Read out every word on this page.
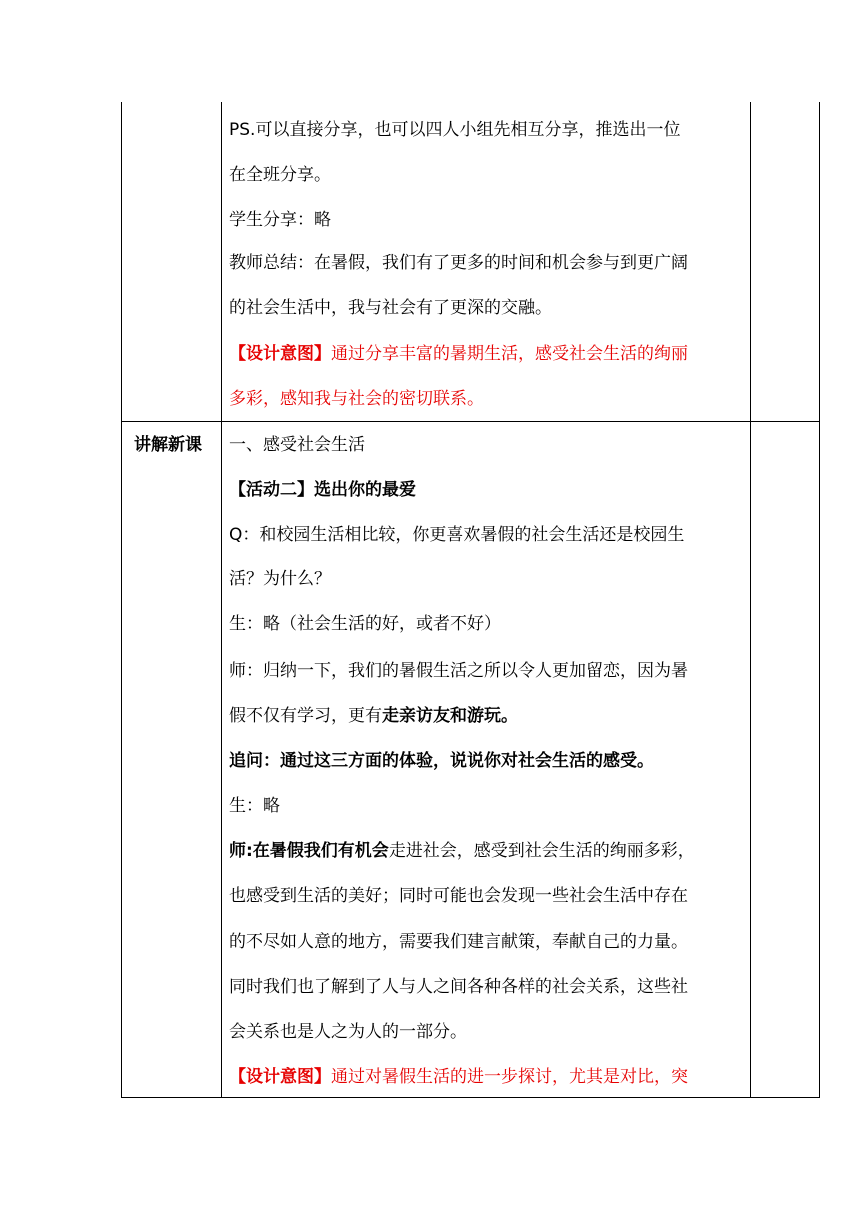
PS.可以直接分享，也可以四人小组先相互分享，推选出一位
在全班分享。
学生分享：略
教师总结：在暑假，我们有了更多的时间和机会参与到更广阔
的社会生活中，我与社会有了更深的交融。
【设计意图】通过分享丰富的暑期生活，感受社会生活的绚丽
多彩，感知我与社会的密切联系。
讲解新课 一、感受社会生活
【活动二】选出你的最爱
Q：和校园生活相比较，你更喜欢暑假的社会生活还是校园生
活？为什么？
生：略（社会生活的好，或者不好）
师：归纳一下，我们的暑假生活之所以令人更加留恋，因为暑
假不仅有学习，更有走亲访友和游玩。
追问：通过这三方面的体验，说说你对社会生活的感受。
生：略
师:在暑假我们有机会走进社会，感受到社会生活的绚丽多彩，
也感受到生活的美好；同时可能也会发现一些社会生活中存在
的不尽如人意的地方，需要我们建言献策，奉献自己的力量。
同时我们也了解到了人与人之间各种各样的社会关系，这些社
会关系也是人之为人的一部分。
【设计意图】通过对暑假生活的进一步探讨，尤其是对比，突
